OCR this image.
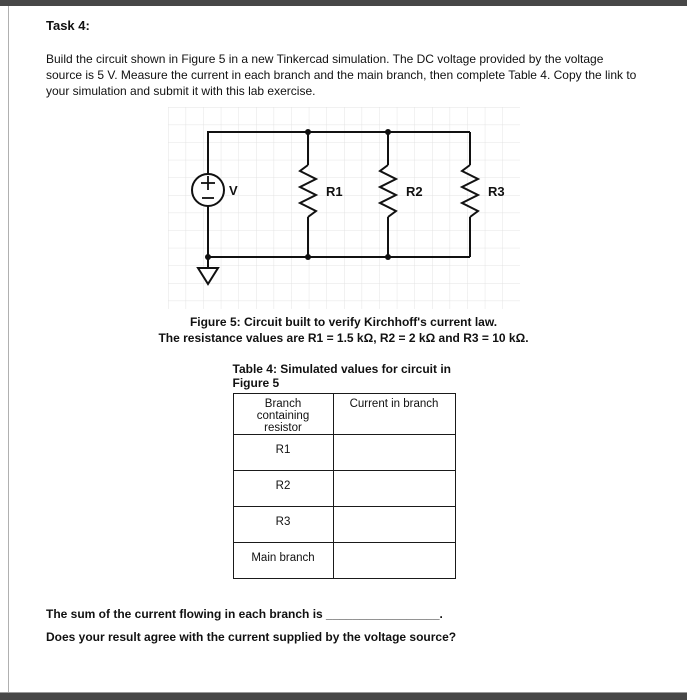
Task 4:

Build the circuit shown in Figure 5 in a new Tinkercad simulation. The DC voltage provided by the voltage source is 5 V. Measure the current in each branch and the main branch, then complete Table 4. Copy the link to your simulation and submit it with this lab exercise.

V	R1	R2	R3
Figure 5: Circuit built to verify Kirchhoff's current law.
The resistance values are R1 = 1.5 kΩ, R2 = 2 kΩ and R3 = 10 kΩ.
Table 4: Simulated values for circuit in Figure 5
Branch containing resistor	Current in branch
R1	
R2	
R3	
Main branch	

The sum of the current flowing in each branch is _________________.

Does your result agree with the current supplied by the voltage source?
